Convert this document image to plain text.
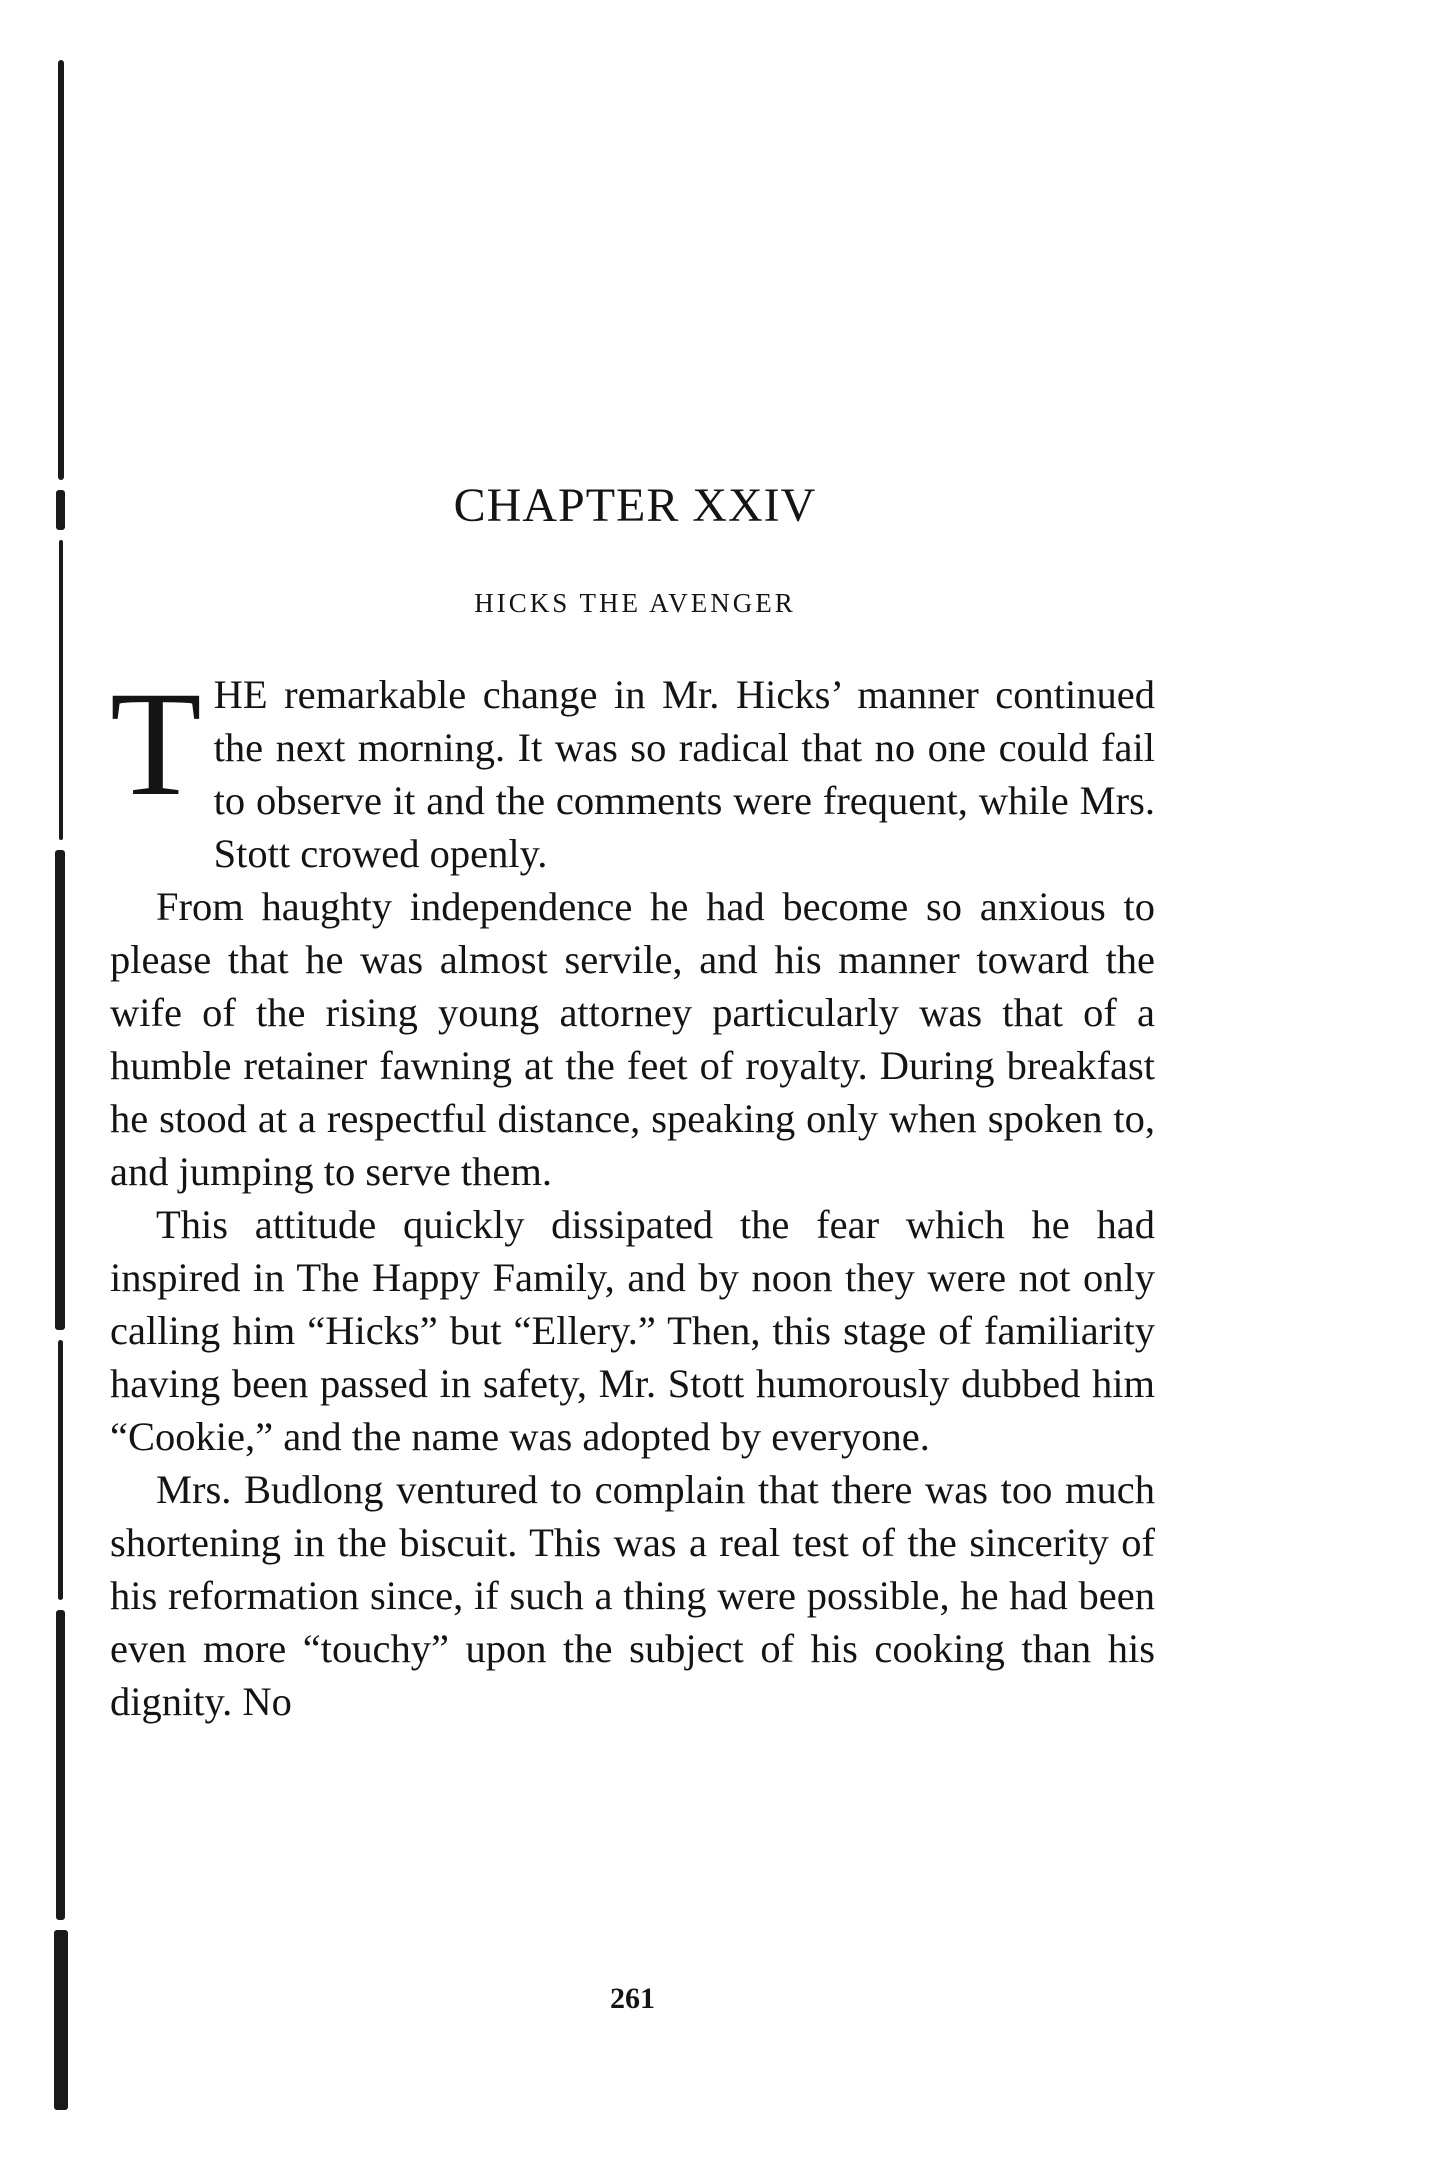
CHAPTER XXIV
HICKS THE AVENGER

THE remarkable change in Mr. Hicks’ manner continued the next morning. It was so radical that no one could fail to observe it and the comments were frequent, while Mrs. Stott crowed openly.

From haughty independence he had become so anxious to please that he was almost servile, and his manner toward the wife of the rising young attorney particularly was that of a humble retainer fawning at the feet of royalty. During breakfast he stood at a respectful distance, speaking only when spoken to, and jumping to serve them.

This attitude quickly dissipated the fear which he had inspired in The Happy Family, and by noon they were not only calling him “Hicks” but “Ellery.” Then, this stage of familiarity having been passed in safety, Mr. Stott humorously dubbed him “Cookie,” and the name was adopted by everyone.

Mrs. Budlong ventured to complain that there was too much shortening in the biscuit. This was a real test of the sincerity of his reformation since, if such a thing were possible, he had been even more “touchy” upon the subject of his cooking than his dignity. No

261
